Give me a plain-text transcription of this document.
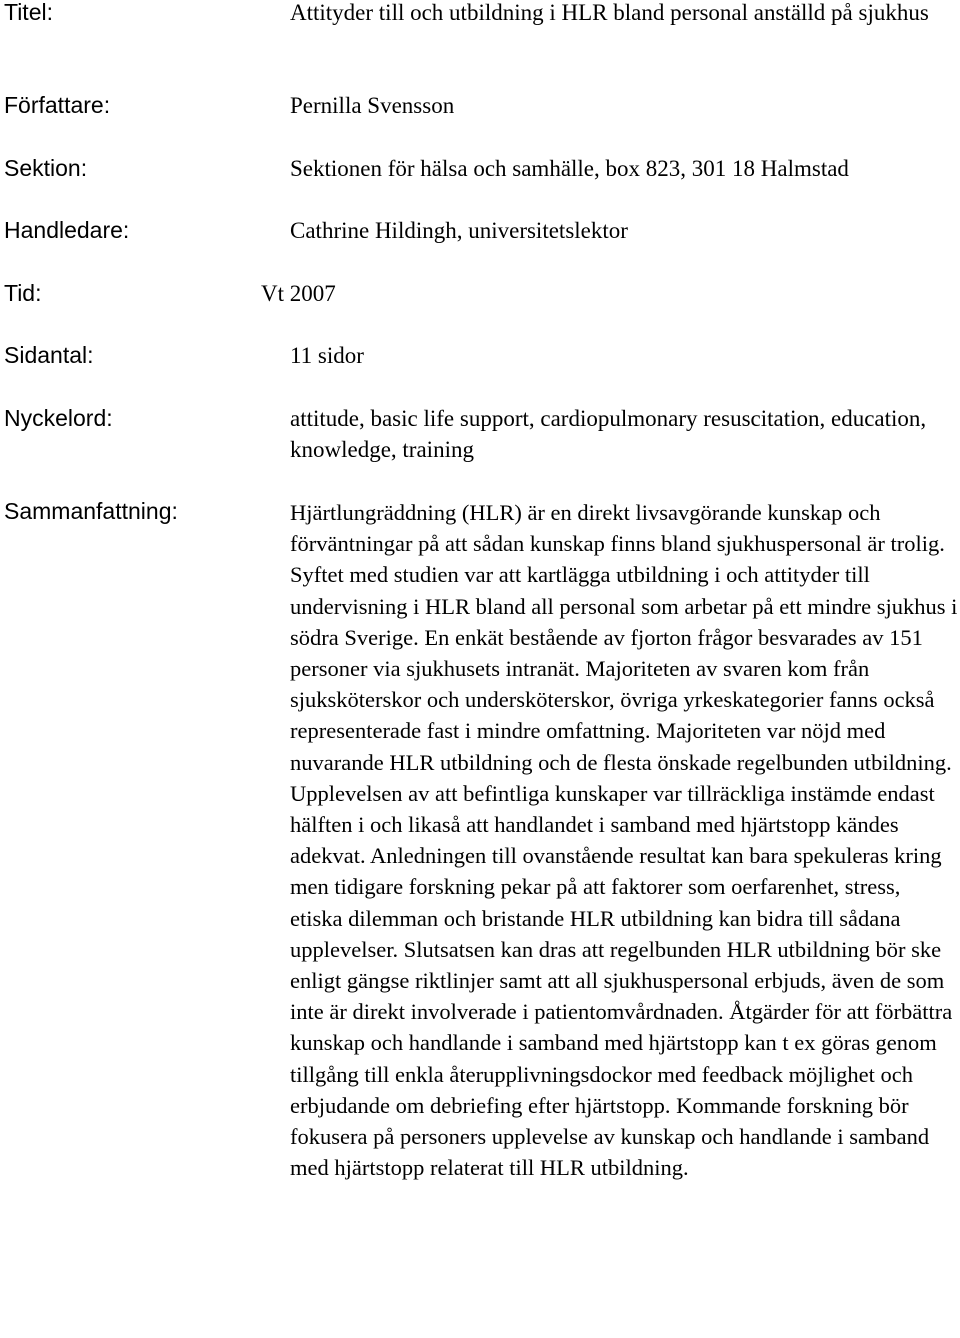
Titel:	Attityder till och utbildning i HLR bland personal anställd på sjukhus
Författare:	Pernilla Svensson
Sektion:	Sektionen för hälsa och samhälle, box 823, 301 18 Halmstad
Handledare:	Cathrine Hildingh, universitetslektor
Tid:	Vt 2007
Sidantal:	11 sidor
Nyckelord:	attitude, basic life support, cardiopulmonary resuscitation, education, knowledge, training
Sammanfattning:	Hjärtlungräddning (HLR) är en direkt livsavgörande kunskap och förväntningar på att sådan kunskap finns bland sjukhuspersonal är trolig. Syftet med studien var att kartlägga utbildning i och attityder till undervisning i HLR bland all personal som arbetar på ett mindre sjukhus i södra Sverige. En enkät bestående av fjorton frågor besvarades av 151 personer via sjukhusets intranät. Majoriteten av svaren kom från sjuksköterskor och undersköterskor, övriga yrkeskategorier fanns också representerade fast i mindre omfattning. Majoriteten var nöjd med nuvarande HLR utbildning och de flesta önskade regelbunden utbildning. Upplevelsen av att befintliga kunskaper var tillräckliga instämde endast hälften i och likaså att handlandet i samband med hjärtstopp kändes adekvat. Anledningen till ovanstående resultat kan bara spekuleras kring men tidigare forskning pekar på att faktorer som oerfarenhet, stress, etiska dilemman och bristande HLR utbildning kan bidra till sådana upplevelser. Slutsatsen kan dras att regelbunden HLR utbildning bör ske enligt gängse riktlinjer samt att all sjukhuspersonal erbjuds, även de som inte är direkt involverade i patientomvårdnaden. Åtgärder för att förbättra kunskap och handlande i samband med hjärtstopp kan t ex göras genom tillgång till enkla återupplivningsdockor med feedback möjlighet och erbjudande om debriefing efter hjärtstopp. Kommande forskning bör fokusera på personers upplevelse av kunskap och handlande i samband med hjärtstopp relaterat till HLR utbildning.
